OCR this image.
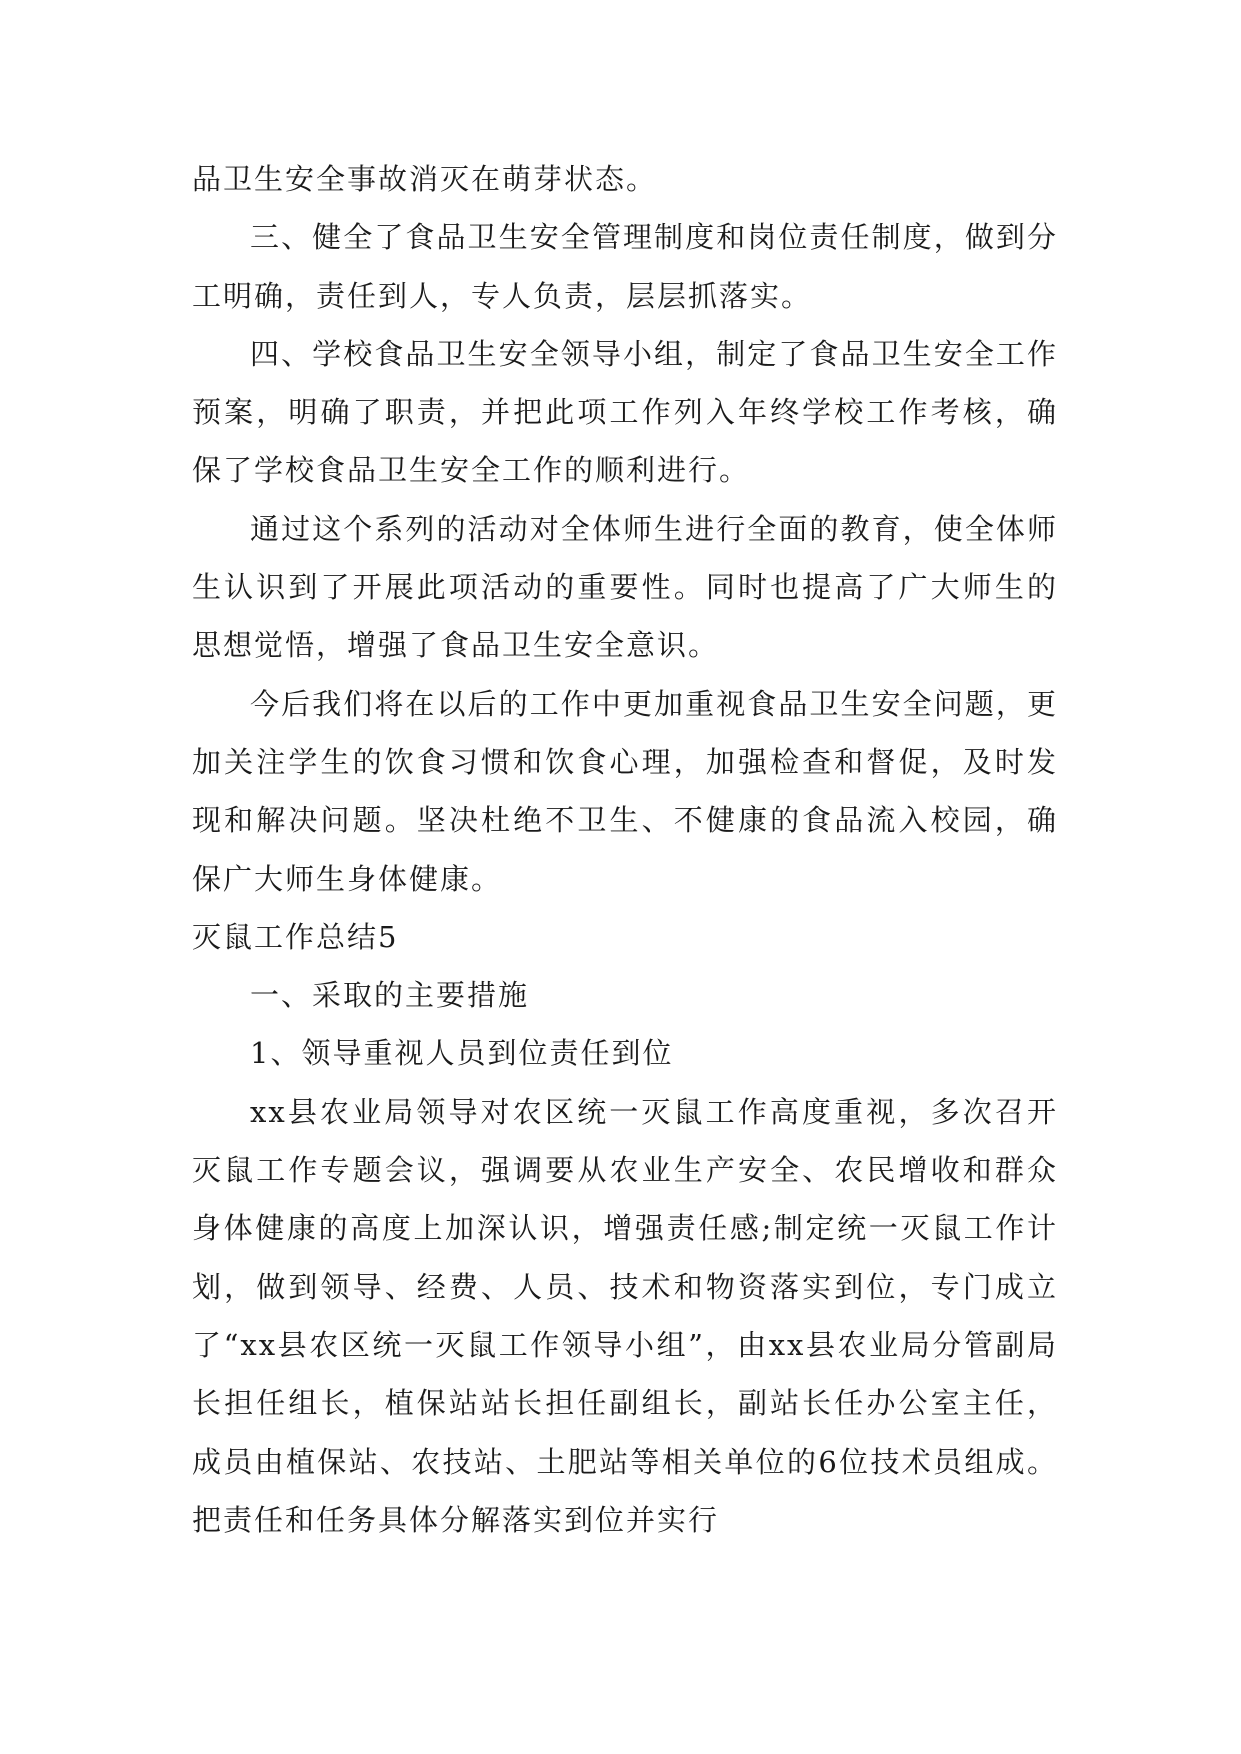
品卫生安全事故消灭在萌芽状态。

三、健全了食品卫生安全管理制度和岗位责任制度，做到分工明确，责任到人，专人负责，层层抓落实。

四、学校食品卫生安全领导小组，制定了食品卫生安全工作预案，明确了职责，并把此项工作列入年终学校工作考核，确保了学校食品卫生安全工作的顺利进行。

通过这个系列的活动对全体师生进行全面的教育，使全体师生认识到了开展此项活动的重要性。同时也提高了广大师生的思想觉悟，增强了食品卫生安全意识。

今后我们将在以后的工作中更加重视食品卫生安全问题，更加关注学生的饮食习惯和饮食心理，加强检查和督促，及时发现和解决问题。坚决杜绝不卫生、不健康的食品流入校园，确保广大师生身体健康。

灭鼠工作总结5

一、采取的主要措施

1、领导重视人员到位责任到位

xx县农业局领导对农区统一灭鼠工作高度重视，多次召开灭鼠工作专题会议，强调要从农业生产安全、农民增收和群众身体健康的高度上加深认识，增强责任感;制定统一灭鼠工作计划，做到领导、经费、人员、技术和物资落实到位，专门成立了“xx县农区统一灭鼠工作领导小组”，由xx县农业局分管副局长担任组长，植保站站长担任副组长，副站长任办公室主任，成员由植保站、农技站、土肥站等相关单位的6位技术员组成。把责任和任务具体分解落实到位并实行
